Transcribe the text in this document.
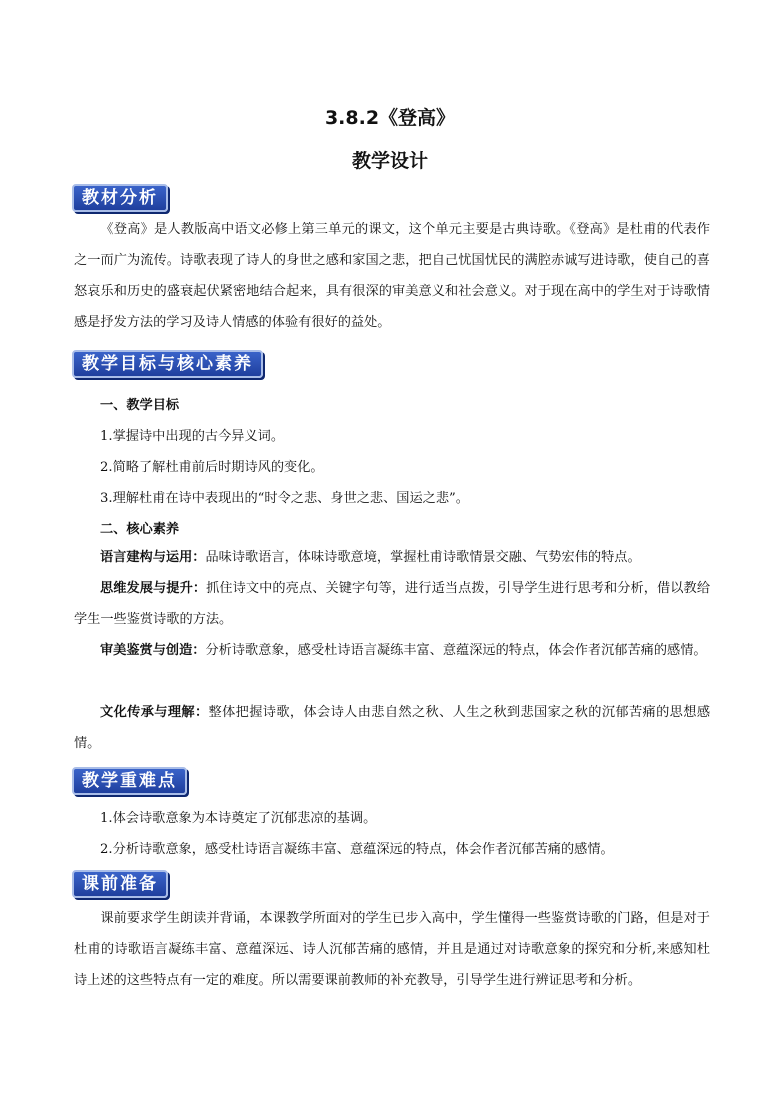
3.8.2《登高》
教学设计
教材分析

《登高》是人教版高中语文必修上第三单元的课文，这个单元主要是古典诗歌。《登高》是杜甫的代表作之一而广为流传。诗歌表现了诗人的身世之感和家国之悲，把自己忧国忧民的满腔赤诚写进诗歌，使自己的喜怒哀乐和历史的盛衰起伏紧密地结合起来，具有很深的审美意义和社会意义。对于现在高中的学生对于诗歌情感是抒发方法的学习及诗人情感的体验有很好的益处。

教学目标与核心素养
一、教学目标
1.掌握诗中出现的古今异义词。
2.简略了解杜甫前后时期诗风的变化。
3.理解杜甫在诗中表现出的“时令之悲、身世之悲、国运之悲”。
二、核心素养

语言建构与运用：品味诗歌语言，体味诗歌意境，掌握杜甫诗歌情景交融、气势宏伟的特点。

思维发展与提升：抓住诗文中的亮点、关键字句等，进行适当点拨，引导学生进行思考和分析，借以教给学生一些鉴赏诗歌的方法。

审美鉴赏与创造：分析诗歌意象，感受杜诗语言凝练丰富、意蕴深远的特点，体会作者沉郁苦痛的感情。

文化传承与理解：整体把握诗歌，体会诗人由悲自然之秋、人生之秋到悲国家之秋的沉郁苦痛的思想感情。

教学重难点
1.体会诗歌意象为本诗奠定了沉郁悲凉的基调。
2.分析诗歌意象，感受杜诗语言凝练丰富、意蕴深远的特点，体会作者沉郁苦痛的感情。
课前准备

课前要求学生朗读并背诵，本课教学所面对的学生已步入高中，学生懂得一些鉴赏诗歌的门路，但是对于杜甫的诗歌语言凝练丰富、意蕴深远、诗人沉郁苦痛的感情，并且是通过对诗歌意象的探究和分析,来感知杜诗上述的这些特点有一定的难度。所以需要课前教师的补充教导，引导学生进行辨证思考和分析。
